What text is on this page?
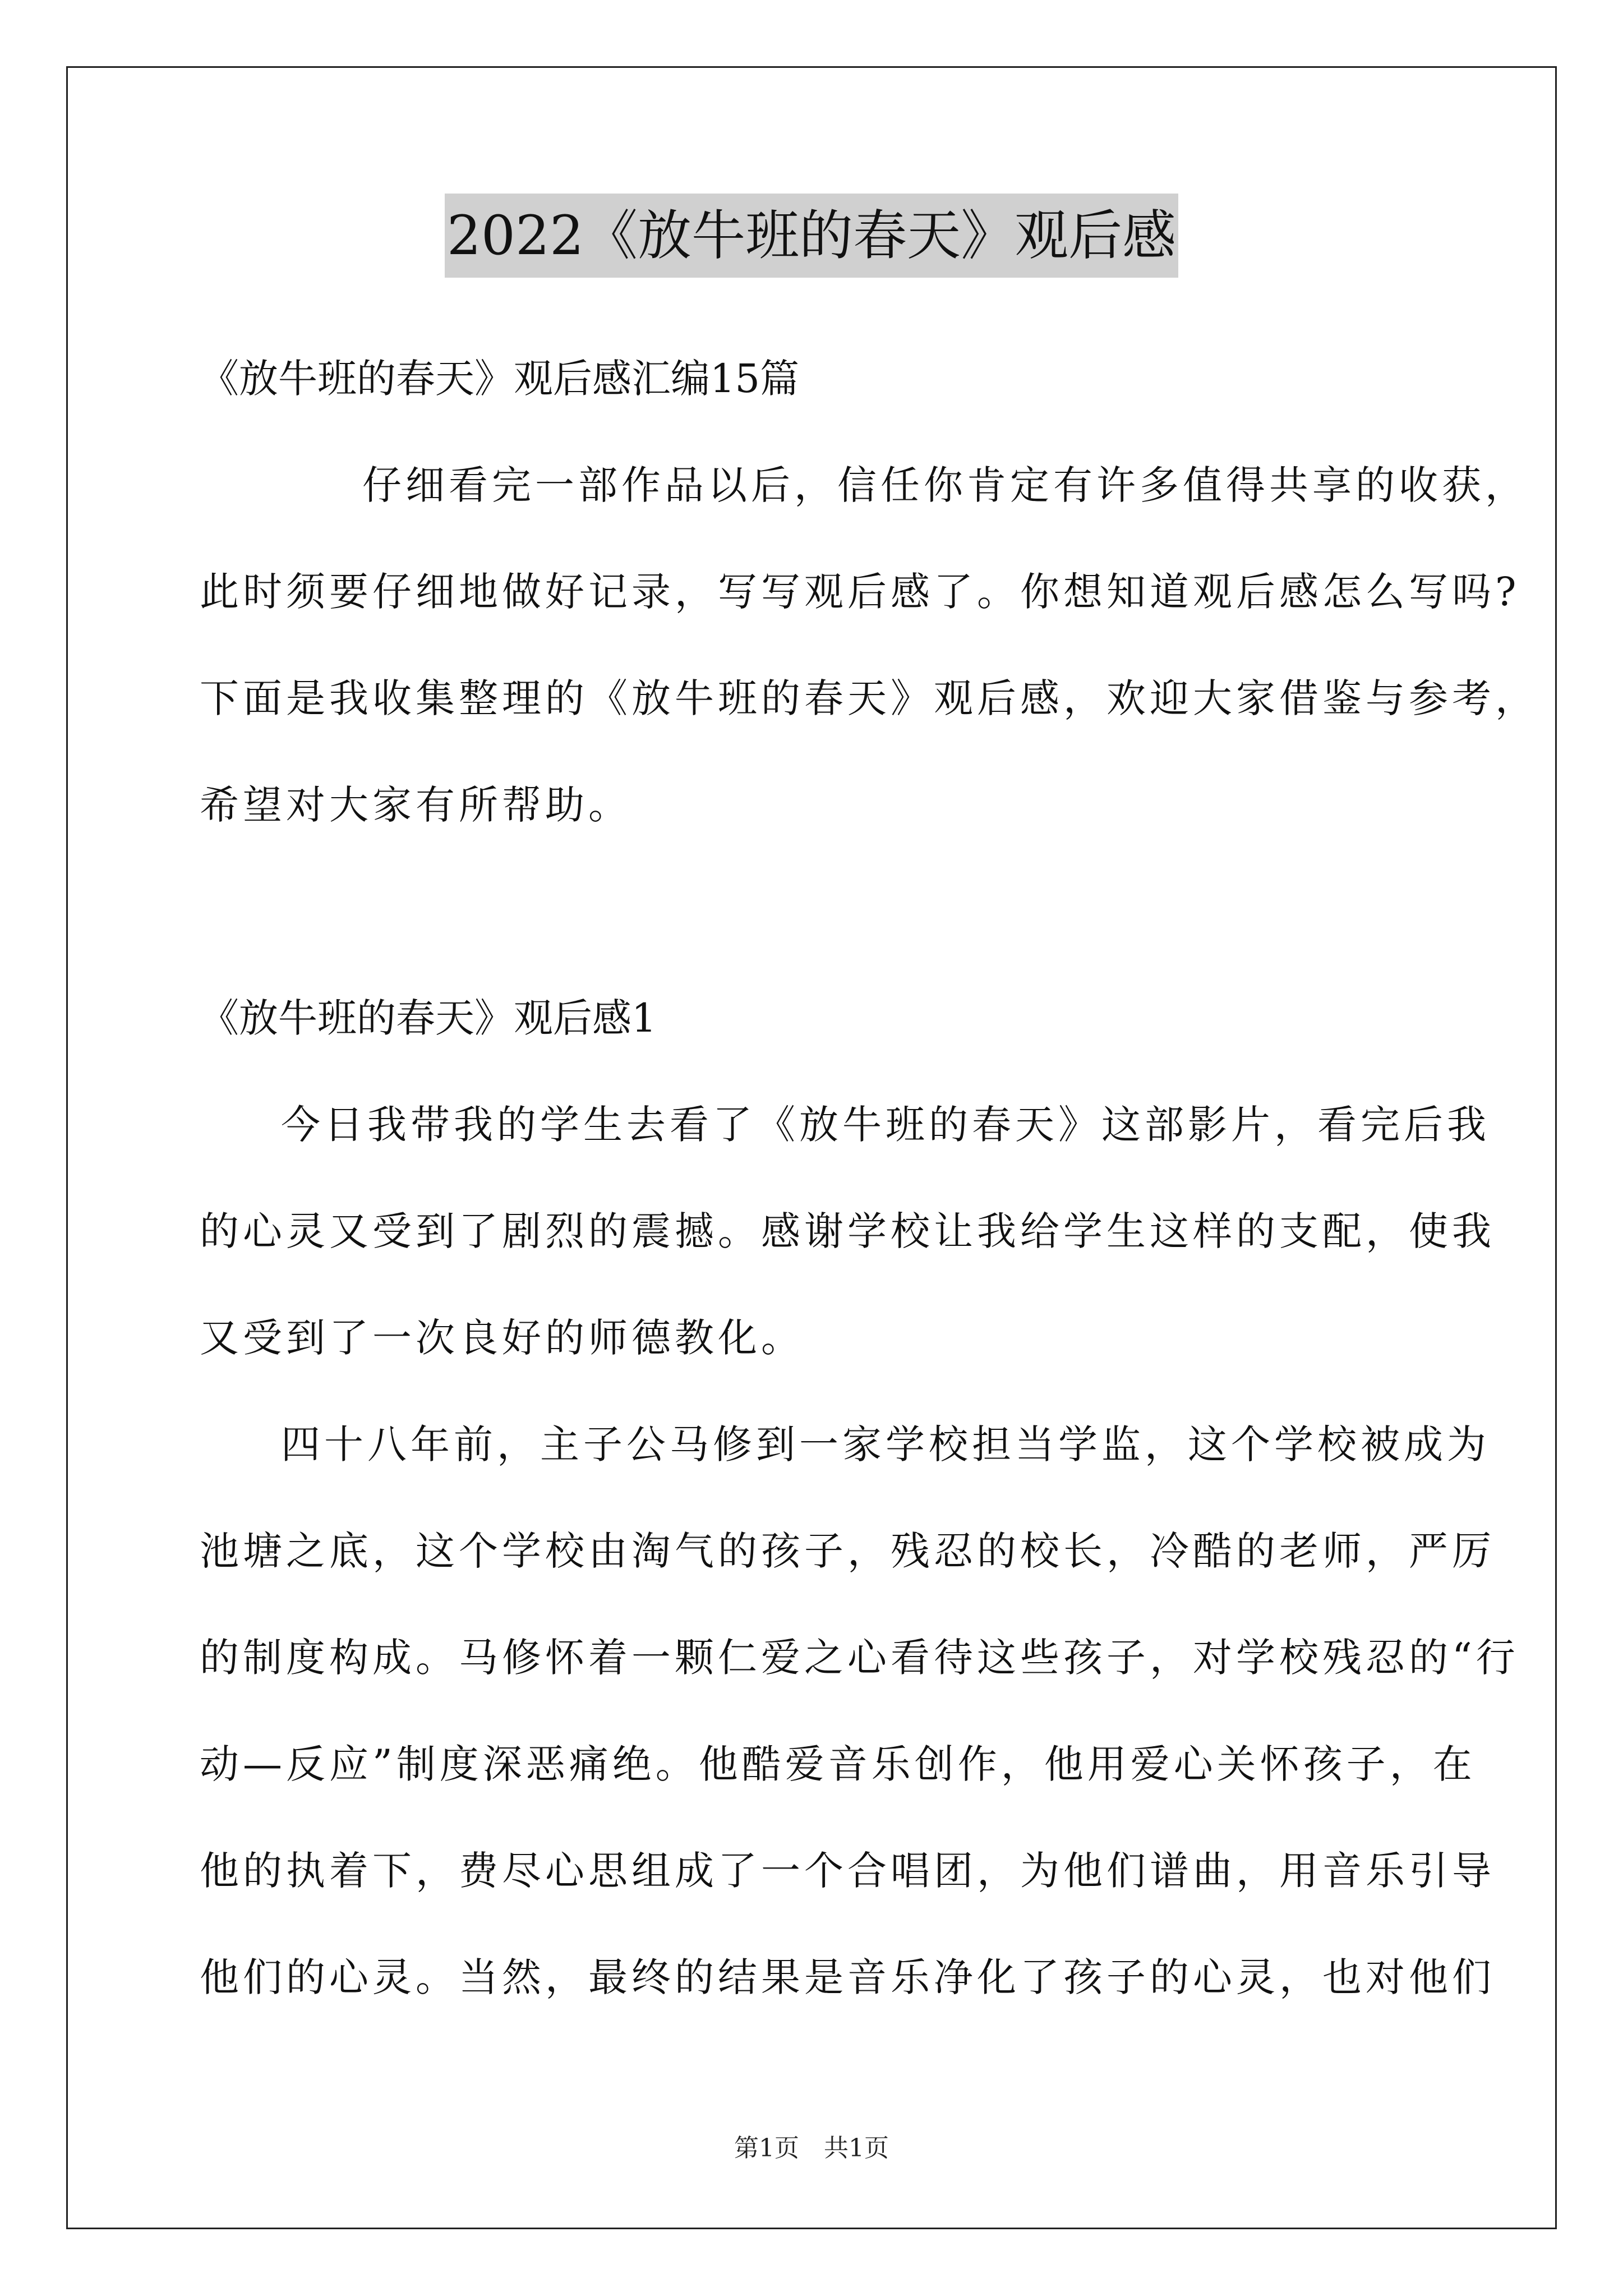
2022《放牛班的春天》观后感
《放牛班的春天》观后感汇编15篇
仔细看完一部作品以后，信任你肯定有许多值得共享的收获，
此时须要仔细地做好记录，写写观后感了。你想知道观后感怎么写吗?
下面是我收集整理的《放牛班的春天》观后感，欢迎大家借鉴与参考，
希望对大家有所帮助。
《放牛班的春天》观后感1
今日我带我的学生去看了《放牛班的春天》这部影片，看完后我
的心灵又受到了剧烈的震撼。感谢学校让我给学生这样的支配，使我
又受到了一次良好的师德教化。
四十八年前，主子公马修到一家学校担当学监，这个学校被成为
池塘之底，这个学校由淘气的孩子，残忍的校长，冷酷的老师，严厉
的制度构成。马修怀着一颗仁爱之心看待这些孩子，对学校残忍的“行
动—反应”制度深恶痛绝。他酷爱音乐创作，他用爱心关怀孩子，在
他的执着下，费尽心思组成了一个合唱团，为他们谱曲，用音乐引导
他们的心灵。当然，最终的结果是音乐净化了孩子的心灵，也对他们
第1页 共1页
